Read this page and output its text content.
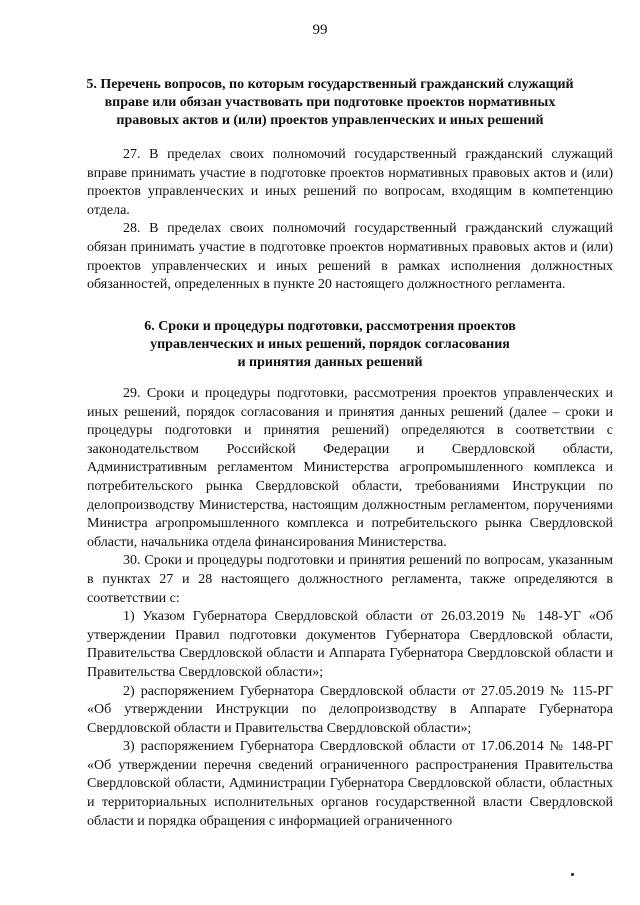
99
5. Перечень вопросов, по которым государственный гражданский служащий
вправе или обязан участвовать при подготовке проектов нормативных
правовых актов и (или) проектов управленческих и иных решений

27. В пределах своих полномочий государственный гражданский служащий вправе принимать участие в подготовке проектов нормативных правовых актов и (или) проектов управленческих и иных решений по вопросам, входящим в компетенцию отдела.

28. В пределах своих полномочий государственный гражданский служащий обязан принимать участие в подготовке проектов нормативных правовых актов и (или) проектов управленческих и иных решений в рамках исполнения должностных обязанностей, определенных в пункте 20 настоящего должностного регламента.

6. Сроки и процедуры подготовки, рассмотрения проектов
управленческих и иных решений, порядок согласования
и принятия данных решений

29. Сроки и процедуры подготовки, рассмотрения проектов управленческих и иных решений, порядок согласования и принятия данных решений (далее – сроки и процедуры подготовки и принятия решений) определяются в соответствии с законодательством Российской Федерации и Свердловской области, Административным регламентом Министерства агропромышленного комплекса и потребительского рынка Свердловской области, требованиями Инструкции по делопроизводству Министерства, настоящим должностным регламентом, поручениями Министра агропромышленного комплекса и потребительского рынка Свердловской области, начальника отдела финансирования Министерства.

30. Сроки и процедуры подготовки и принятия решений по вопросам, указанным в пунктах 27 и 28 настоящего должностного регламента, также определяются в соответствии с:

1) Указом Губернатора Свердловской области от 26.03.2019 № 148-УГ «Об утверждении Правил подготовки документов Губернатора Свердловской области, Правительства Свердловской области и Аппарата Губернатора Свердловской области и Правительства Свердловской области»;

2) распоряжением Губернатора Свердловской области от 27.05.2019 № 115-РГ «Об утверждении Инструкции по делопроизводству в Аппарате Губернатора Свердловской области и Правительства Свердловской области»;

3) распоряжением Губернатора Свердловской области от 17.06.2014 № 148-РГ «Об утверждении перечня сведений ограниченного распространения Правительства Свердловской области, Администрации Губернатора Свердловской области, областных и территориальных исполнительных органов государственной власти Свердловской области и порядка обращения с информацией ограниченного
